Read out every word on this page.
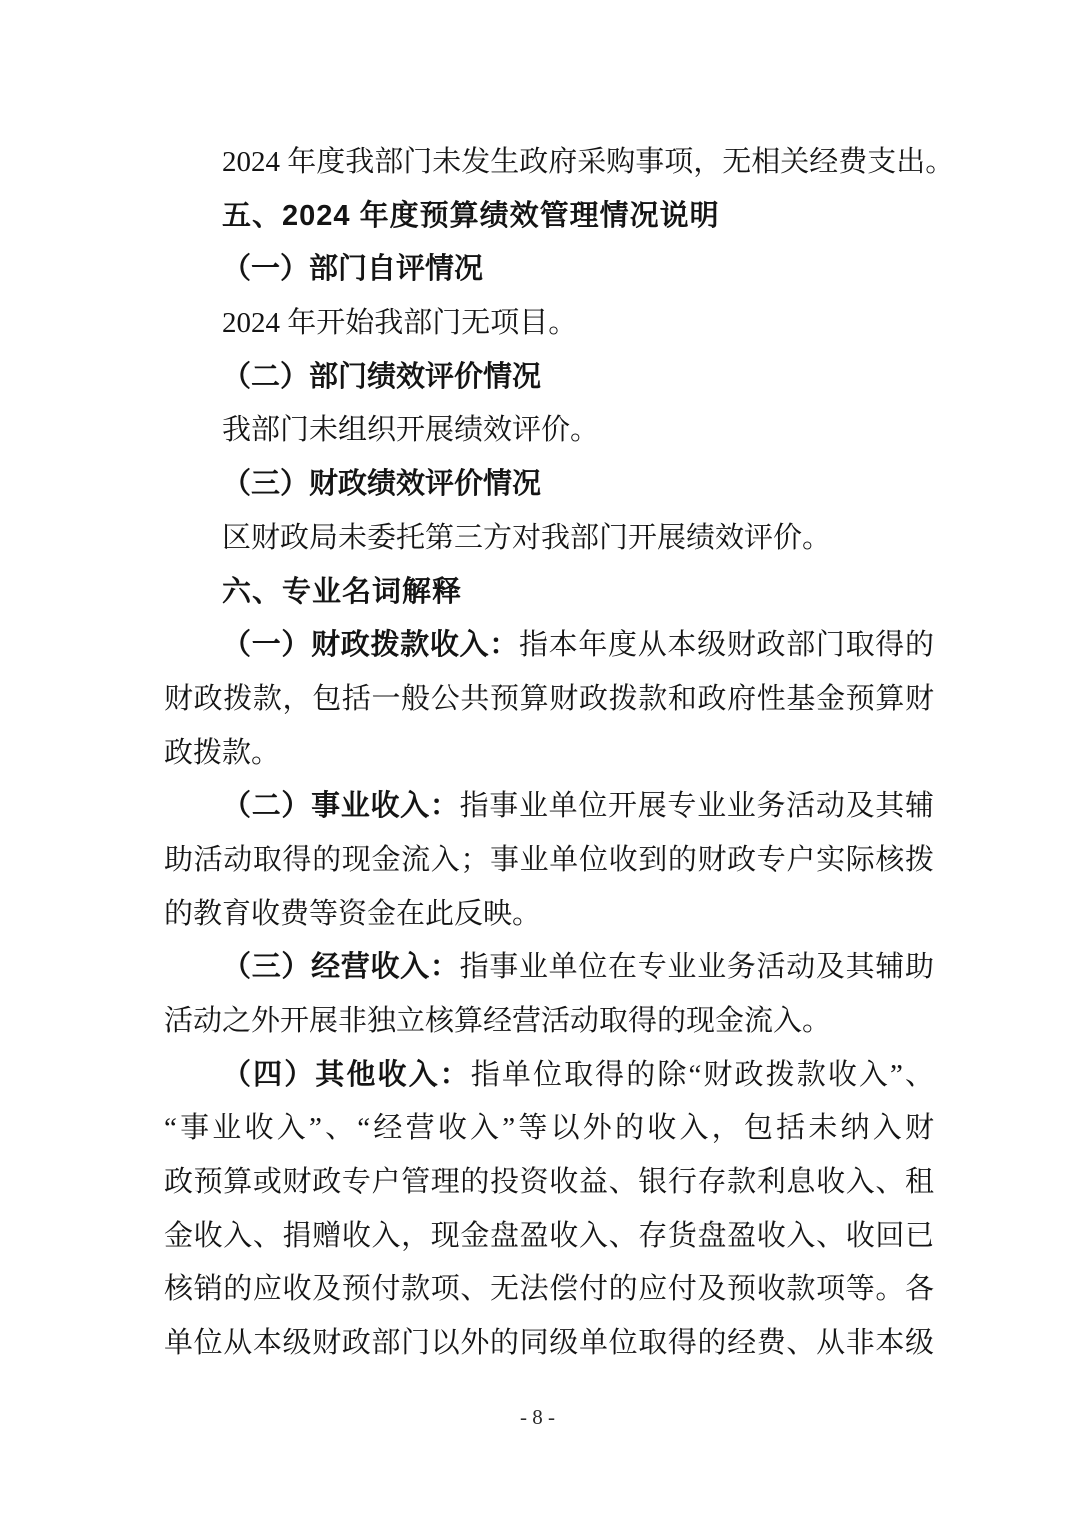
2024 年度我部门未发生政府采购事项，无相关经费支出。
五、2024 年度预算绩效管理情况说明
（一）部门自评情况
2024 年开始我部门无项目。
（二）部门绩效评价情况
我部门未组织开展绩效评价。
（三）财政绩效评价情况
区财政局未委托第三方对我部门开展绩效评价。
六、专业名词解释
（一）财政拨款收入：指本年度从本级财政部门取得的
财政拨款，包括一般公共预算财政拨款和政府性基金预算财
政拨款。
（二）事业收入：指事业单位开展专业业务活动及其辅
助活动取得的现金流入；事业单位收到的财政专户实际核拨
的教育收费等资金在此反映。
（三）经营收入：指事业单位在专业业务活动及其辅助
活动之外开展非独立核算经营活动取得的现金流入。
（四）其他收入：指单位取得的除“财政拨款收入”、
“事业收入”、“经营收入”等以外的收入，包括未纳入财
政预算或财政专户管理的投资收益、银行存款利息收入、租
金收入、捐赠收入，现金盘盈收入、存货盘盈收入、收回已
核销的应收及预付款项、无法偿付的应付及预收款项等。各
单位从本级财政部门以外的同级单位取得的经费、从非本级
- 8 -
